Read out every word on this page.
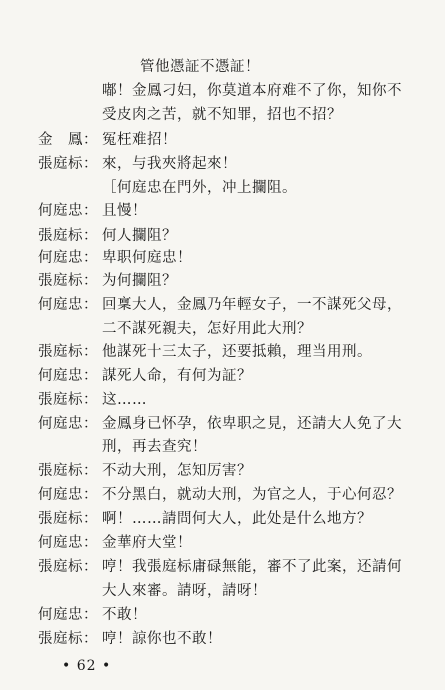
管他憑証不憑証！
嘟！金鳳刁妇，你莫道本府难不了你，知你不
受皮肉之苦，就不知罪，招也不招？
金　鳳： 冤枉难招！
張庭标： 來，与我夾將起來！
［何庭忠在門外，冲上攔阻。
何庭忠： 且慢！
張庭标： 何人攔阻？
何庭忠： 卑职何庭忠！
張庭标： 为何攔阻？
何庭忠： 回稟大人，金鳳乃年輕女子，一不謀死父母，
二不謀死親夫，怎好用此大刑？
張庭标： 他謀死十三太子，还要抵賴，理当用刑。
何庭忠： 謀死人命，有何为証？
張庭标： 这……
何庭忠： 金鳳身已怀孕，依卑职之見，还請大人免了大
刑，再去查究！
張庭标： 不动大刑，怎知厉害？
何庭忠： 不分黑白，就动大刑，为官之人，于心何忍？
張庭标： 啊！……請問何大人，此处是什么地方？
何庭忠： 金華府大堂！
張庭标： 哼！我張庭标庸碌無能，審不了此案，还請何
大人來審。請呀，請呀！
何庭忠： 不敢！
張庭标： 哼！諒你也不敢！
• 62 •
